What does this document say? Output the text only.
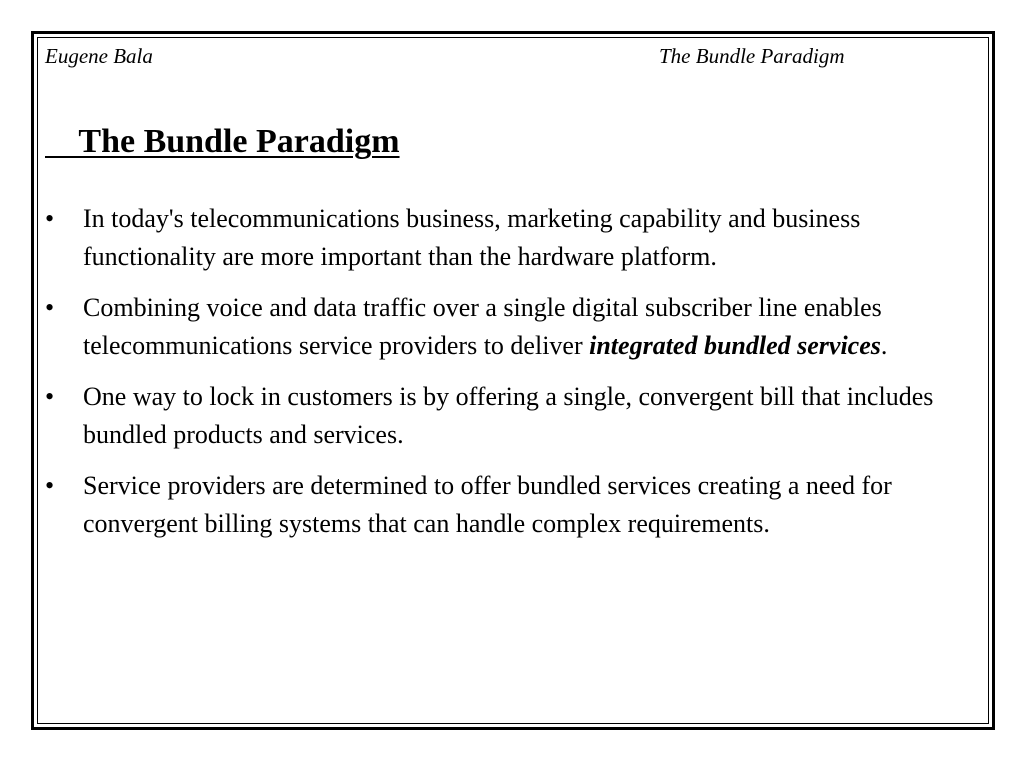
Eugene Bala	The Bundle Paradigm
The Bundle Paradigm
•	In today's telecommunications business, marketing capability and business functionality are more important than the hardware platform.
•	Combining voice and data traffic over a single digital subscriber line enables telecommunications service providers to deliver integrated bundled services.
•	One way to lock in customers is by offering a single, convergent bill that includes bundled products and services.
•	Service providers are determined to offer bundled services creating a need for convergent billing systems that can handle complex requirements.
